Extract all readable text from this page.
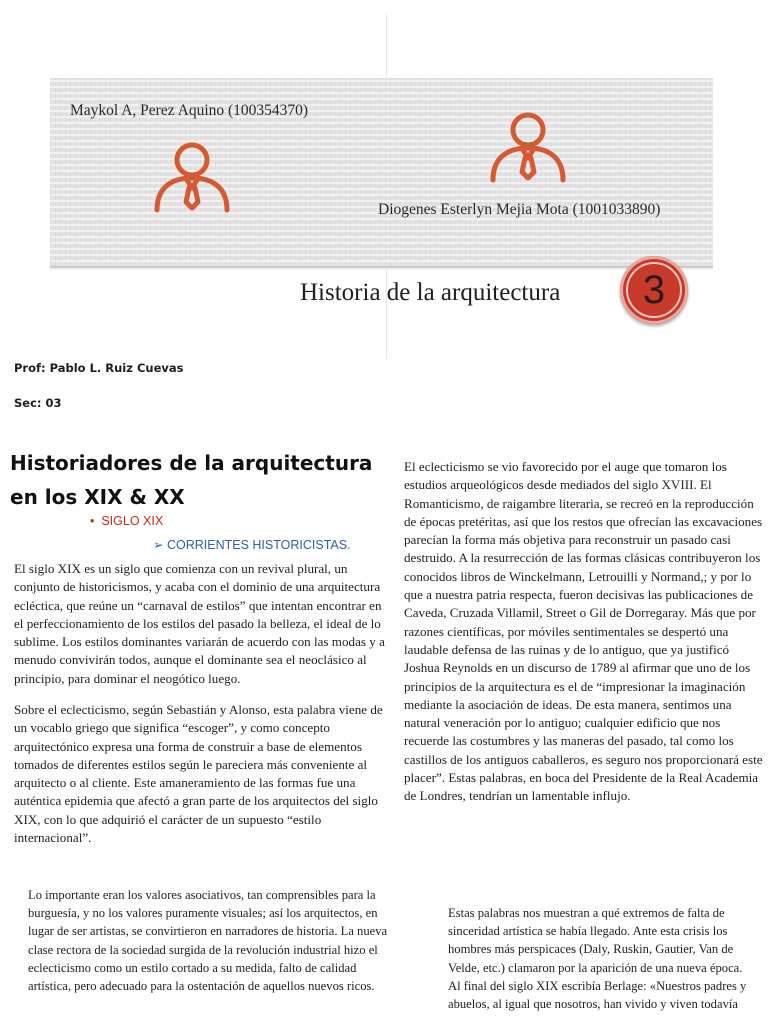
Maykol A, Perez Aquino (100354370)
Diogenes Esterlyn Mejia Mota (1001033890)
Historia de la arquitectura	3
Prof: Pablo L. Ruiz Cuevas
Sec: 03
Historiadores de la arquitectura en los XIX & XX
• SIGLO XIX
➢ CORRIENTES HISTORICISTAS.

El siglo XIX es un siglo que comienza con un revival plural, un conjunto de historicismos, y acaba con el dominio de una arquitectura ecléctica, que reúne un “carnaval de estilos” que intentan encontrar en el perfeccionamiento de los estilos del pasado la belleza, el ideal de lo sublime. Los estilos dominantes variarán de acuerdo con las modas y a menudo convivirán todos, aunque el dominante sea el neoclásico al principio, para dominar el neogótico luego.

Sobre el eclecticismo, según Sebastián y Alonso, esta palabra viene de un vocablo griego que significa “escoger”, y como concepto arquitectónico expresa una forma de construir a base de elementos tomados de diferentes estilos según le pareciera más conveniente al arquitecto o al cliente. Este amaneramiento de las formas fue una auténtica epidemia que afectó a gran parte de los arquitectos del siglo XIX, con lo que adquirió el carácter de un supuesto “estilo internacional”.

El eclecticismo se vio favorecido por el auge que tomaron los estudios arqueológicos desde mediados del siglo XVIII. El Romanticismo, de raigambre literaria, se recreó en la reproducción de épocas pretéritas, así que los restos que ofrecían las excavaciones parecían la forma más objetiva para reconstruir un pasado casi destruido. A la resurrección de las formas clásicas contribuyeron los conocidos libros de Winckelmann, Letrouilli y Normand,; y por lo que a nuestra patria respecta, fueron decisivas las publicaciones de Caveda, Cruzada Villamil, Street o Gil de Dorregaray. Más que por razones científicas, por móviles sentimentales se despertó una laudable defensa de las ruinas y de lo antiguo, que ya justificó Joshua Reynolds en un discurso de 1789 al afirmar que uno de los principios de la arquitectura es el de “impresionar la imaginación mediante la asociación de ideas. De esta manera, sentimos una natural veneración por lo antiguo; cualquier edificio que nos recuerde las costumbres y las maneras del pasado, tal como los castillos de los antiguos caballeros, es seguro nos proporcionará este placer”. Estas palabras, en boca del Presidente de la Real Academia de Londres, tendrían un lamentable influjo.

Lo importante eran los valores asociativos, tan comprensibles para la burguesía, y no los valores puramente visuales; así los arquitectos, en lugar de ser artistas, se convirtieron en narradores de historia. La nueva clase rectora de la sociedad surgida de la revolución industrial hizo el eclecticismo como un estilo cortado a su medida, falto de calidad artística, pero adecuado para la ostentación de aquellos nuevos ricos.

Estas palabras nos muestran a qué extremos de falta de sinceridad artística se había llegado. Ante esta crisis los hombres más perspicaces (Daly, Ruskin, Gautier, Van de Velde, etc.) clamaron por la aparición de una nueva época. Al final del siglo XIX escribía Berlage: «Nuestros padres y abuelos, al igual que nosotros, han vivido y viven todavía
